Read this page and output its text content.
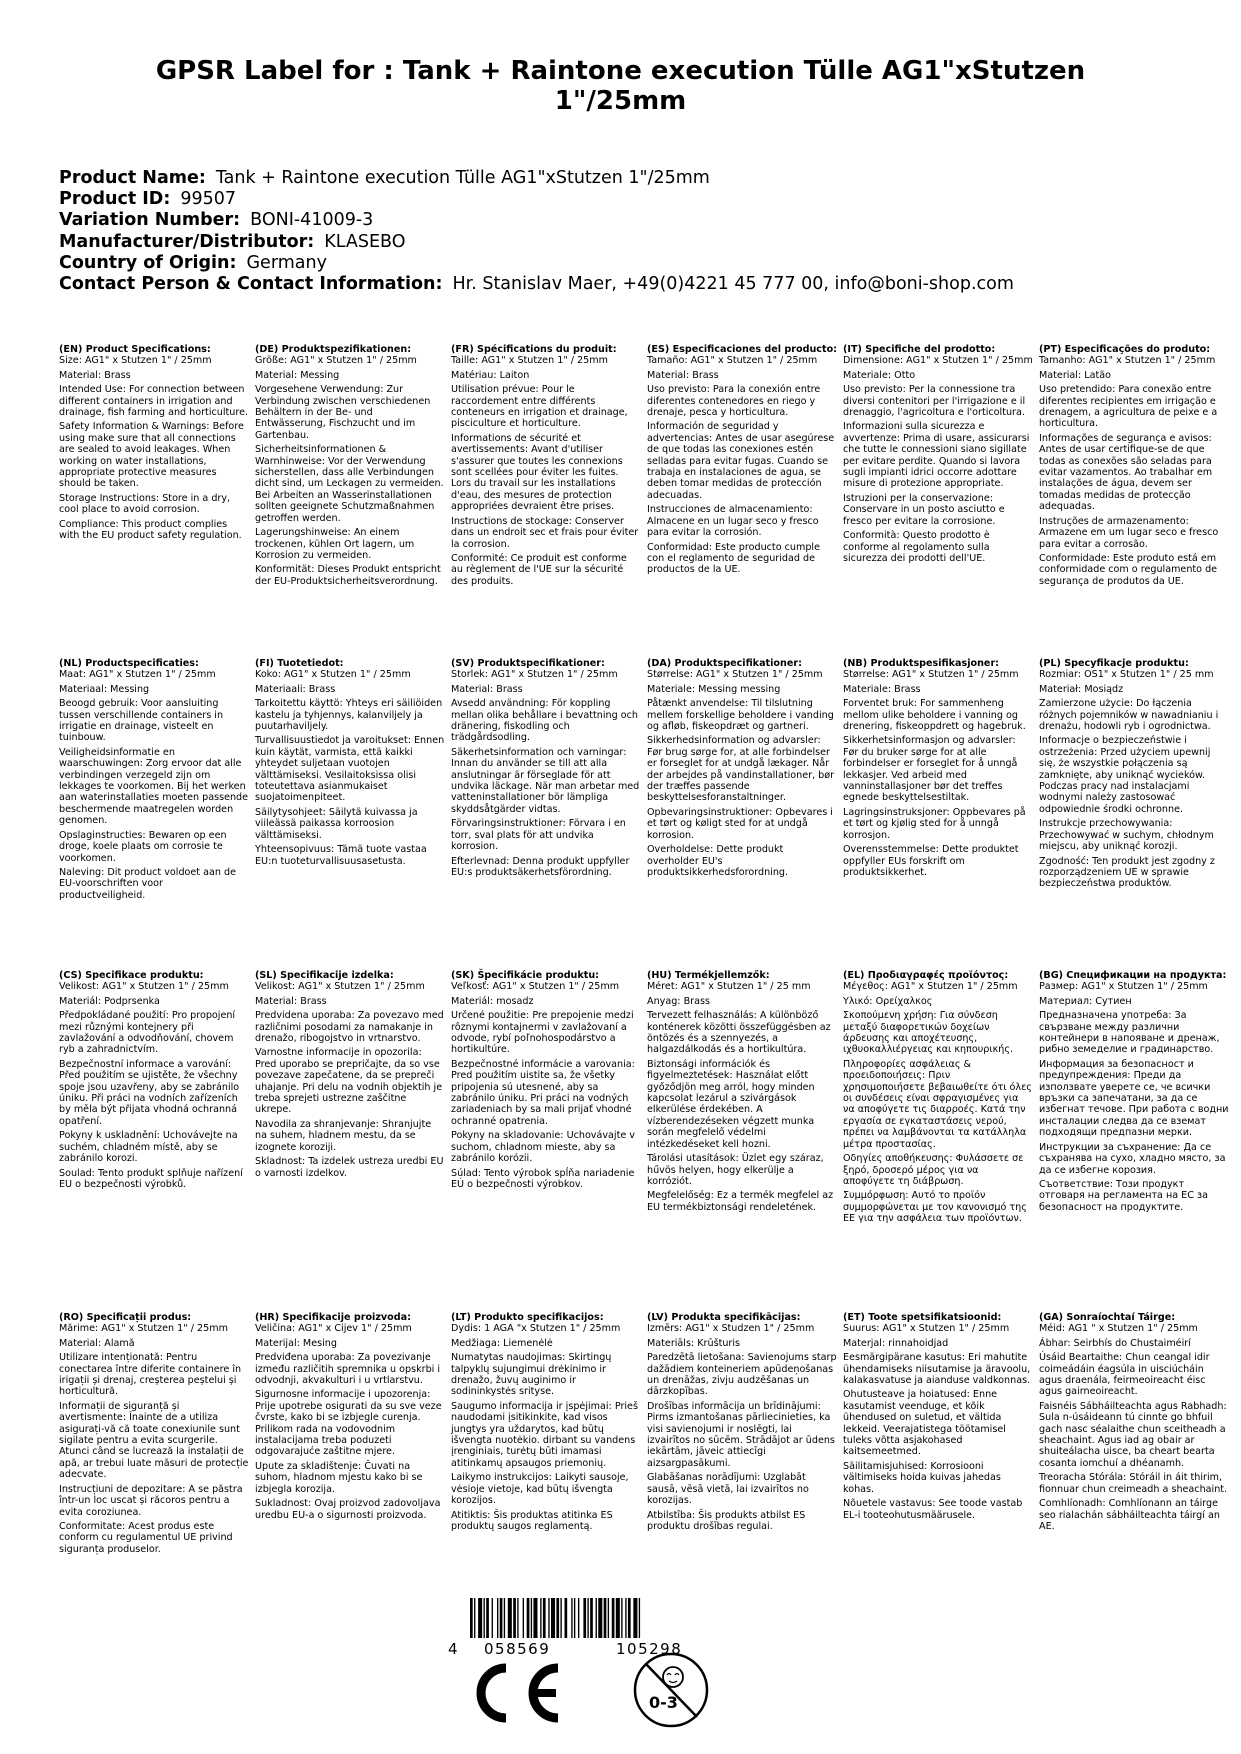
GPSR Label for : Tank + Raintone execution Tülle AG1"xStutzen 1"/25mm
Product Name: Tank + Raintone execution Tülle AG1"xStutzen 1"/25mm
Product ID: 99507
Variation Number: BONI-41009-3
Manufacturer/Distributor: KLASEBO
Country of Origin: Germany
Contact Person & Contact Information: Hr. Stanislav Maer, +49(0)4221 45 777 00, info@boni-shop.com
(EN) Product Specifications:

Size: AG1" x Stutzen 1" / 25mm

Material: Brass

Intended Use: For connection between different containers in irrigation and drainage, fish farming and horticulture.

Safety Information & Warnings: Before using make sure that all connections are sealed to avoid leakages. When working on water installations, appropriate protective measures should be taken.

Storage Instructions: Store in a dry, cool place to avoid corrosion.

Compliance: This product complies with the EU product safety regulation.

(DE) Produktspezifikationen:

Größe: AG1" x Stutzen 1" / 25mm

Material: Messing

Vorgesehene Verwendung: Zur Verbindung zwischen verschiedenen Behältern in der Be- und Entwässerung, Fischzucht und im Gartenbau.

Sicherheitsinformationen & Warnhinweise: Vor der Verwendung sicherstellen, dass alle Verbindungen dicht sind, um Leckagen zu vermeiden. Bei Arbeiten an Wasserinstallationen sollten geeignete Schutzmaßnahmen getroffen werden.

Lagerungshinweise: An einem trockenen, kühlen Ort lagern, um Korrosion zu vermeiden.

Konformität: Dieses Produkt entspricht der EU-Produktsicherheitsverordnung.

(FR) Spécifications du produit:

Taille: AG1" x Stutzen 1" / 25mm

Matériau: Laiton

Utilisation prévue: Pour le raccordement entre différents conteneurs en irrigation et drainage, pisciculture et horticulture.

Informations de sécurité et avertissements: Avant d'utiliser s'assurer que toutes les connexions sont scellées pour éviter les fuites. Lors du travail sur les installations d'eau, des mesures de protection appropriées devraient être prises.

Instructions de stockage: Conserver dans un endroit sec et frais pour éviter la corrosion.

Conformité: Ce produit est conforme au règlement de l'UE sur la sécurité des produits.

(ES) Especificaciones del producto:

Tamaño: AG1" x Stutzen 1" / 25mm

Material: Brass

Uso previsto: Para la conexión entre diferentes contenedores en riego y drenaje, pesca y horticultura.

Información de seguridad y advertencias: Antes de usar asegúrese de que todas las conexiones estén selladas para evitar fugas. Cuando se trabaja en instalaciones de agua, se deben tomar medidas de protección adecuadas.

Instrucciones de almacenamiento: Almacene en un lugar seco y fresco para evitar la corrosión.

Conformidad: Este producto cumple con el reglamento de seguridad de productos de la UE.

(IT) Specifiche del prodotto:

Dimensione: AG1" x Stutzen 1" / 25mm

Materiale: Otto

Uso previsto: Per la connessione tra diversi contenitori per l'irrigazione e il drenaggio, l'agricoltura e l'orticoltura.

Informazioni sulla sicurezza e avvertenze: Prima di usare, assicurarsi che tutte le connessioni siano sigillate per evitare perdite. Quando si lavora sugli impianti idrici occorre adottare misure di protezione appropriate.

Istruzioni per la conservazione: Conservare in un posto asciutto e fresco per evitare la corrosione.

Conformità: Questo prodotto è conforme al regolamento sulla sicurezza dei prodotti dell'UE.

(PT) Especificações do produto:

Tamanho: AG1" x Stutzen 1" / 25mm

Material: Latão

Uso pretendido: Para conexão entre diferentes recipientes em irrigação e drenagem, a agricultura de peixe e a horticultura.

Informações de segurança e avisos: Antes de usar certifique-se de que todas as conexões são seladas para evitar vazamentos. Ao trabalhar em instalações de água, devem ser tomadas medidas de protecção adequadas.

Instruções de armazenamento: Armazene em um lugar seco e fresco para evitar a corrosão.

Conformidade: Este produto está em conformidade com o regulamento de segurança de produtos da UE.

(NL) Productspecificaties:

Maat: AG1" x Stutzen 1" / 25mm

Materiaal: Messing

Beoogd gebruik: Voor aansluiting tussen verschillende containers in irrigatie en drainage, visteelt en tuinbouw.

Veiligheidsinformatie en waarschuwingen: Zorg ervoor dat alle verbindingen verzegeld zijn om lekkages te voorkomen. Bij het werken aan waterinstallaties moeten passende beschermende maatregelen worden genomen.

Opslaginstructies: Bewaren op een droge, koele plaats om corrosie te voorkomen.

Naleving: Dit product voldoet aan de EU-voorschriften voor productveiligheid.

(FI) Tuotetiedot:

Koko: AG1" x Stutzen 1" / 25mm

Materiaali: Brass

Tarkoitettu käyttö: Yhteys eri säiliöiden kastelu ja tyhjennys, kalanviljely ja puutarhaviljely.

Turvallisuustiedot ja varoitukset: Ennen kuin käytät, varmista, että kaikki yhteydet suljetaan vuotojen välttämiseksi. Vesilaitoksissa olisi toteutettava asianmukaiset suojatoimenpiteet.

Säilytysohjeet: Säilytä kuivassa ja viileässä paikassa korroosion välttämiseksi.

Yhteensopivuus: Tämä tuote vastaa EU:n tuoteturvallisuusasetusta.

(SV) Produktspecifikationer:

Storlek: AG1" x Stutzen 1" / 25mm

Material: Brass

Avsedd användning: För koppling mellan olika behållare i bevattning och dränering, fiskodling och trädgårdsodling.

Säkerhetsinformation och varningar: Innan du använder se till att alla anslutningar är förseglade för att undvika läckage. När man arbetar med vatteninstallationer bör lämpliga skyddsåtgärder vidtas.

Förvaringsinstruktioner: Förvara i en torr, sval plats för att undvika korrosion.

Efterlevnad: Denna produkt uppfyller EU:s produktsäkerhetsförordning.

(DA) Produktspecifikationer:

Størrelse: AG1" x Stutzen 1" / 25mm

Materiale: Messing messing

Påtænkt anvendelse: Til tilslutning mellem forskellige beholdere i vanding og afløb, fiskeopdræt og gartneri.

Sikkerhedsinformation og advarsler: Før brug sørge for, at alle forbindelser er forseglet for at undgå lækager. Når der arbejdes på vandinstallationer, bør der træffes passende beskyttelsesforanstaltninger.

Opbevaringsinstruktioner: Opbevares i et tørt og køligt sted for at undgå korrosion.

Overholdelse: Dette produkt overholder EU's produktsikkerhedsforordning.

(NB) Produktspesifikasjoner:

Størrelse: AG1" x Stutzen 1" / 25mm

Materiale: Brass

Forventet bruk: For sammenheng mellom ulike beholdere i vanning og drenering, fiskeoppdrett og hagebruk.

Sikkerhetsinformasjon og advarsler: Før du bruker sørge for at alle forbindelser er forseglet for å unngå lekkasjer. Ved arbeid med vanninstallasjoner bør det treffes egnede beskyttelsestiltak.

Lagringsinstruksjoner: Oppbevares på et tørt og kjølig sted for å unngå korrosjon.

Overensstemmelse: Dette produktet oppfyller EUs forskrift om produktsikkerhet.

(PL) Specyfikacje produktu:

Rozmiar: OS1" x Stutzen 1" / 25 mm

Materiał: Mosiądz

Zamierzone użycie: Do łączenia różnych pojemników w nawadnianiu i drenażu, hodowli ryb i ogrodnictwa.

Informacje o bezpieczeństwie i ostrzeżenia: Przed użyciem upewnij się, że wszystkie połączenia są zamknięte, aby uniknąć wycieków. Podczas pracy nad instalacjami wodnymi należy zastosować odpowiednie środki ochronne.

Instrukcje przechowywania: Przechowywać w suchym, chłodnym miejscu, aby uniknąć korozji.

Zgodność: Ten produkt jest zgodny z rozporządzeniem UE w sprawie bezpieczeństwa produktów.

(CS) Specifikace produktu:

Velikost: AG1" x Stutzen 1" / 25mm

Materiál: Podprsenka

Předpokládané použití: Pro propojení mezi různými kontejnery při zavlažování a odvodňování, chovem ryb a zahradnictvím.

Bezpečnostní informace a varování: Před použitím se ujistěte, že všechny spoje jsou uzavřeny, aby se zabránilo úniku. Při práci na vodních zařízeních by měla být přijata vhodná ochranná opatření.

Pokyny k uskladnění: Uchovávejte na suchém, chladném místě, aby se zabránilo korozi.

Soulad: Tento produkt splňuje nařízení EU o bezpečnosti výrobků.

(SL) Specifikacije izdelka:

Velikost: AG1" x Stutzen 1" / 25mm

Material: Brass

Predvidena uporaba: Za povezavo med različnimi posodami za namakanje in drenažo, ribogojstvo in vrtnarstvo.

Varnostne informacije in opozorila: Pred uporabo se prepričajte, da so vse povezave zapečatene, da se prepreči uhajanje. Pri delu na vodnih objektih je treba sprejeti ustrezne zaščitne ukrepe.

Navodila za shranjevanje: Shranjujte na suhem, hladnem mestu, da se izognete koroziji.

Skladnost: Ta izdelek ustreza uredbi EU o varnosti izdelkov.

(SK) Špecifikácie produktu:

Veľkosť: AG1" x Stutzen 1" / 25mm

Materiál: mosadz

Určené použitie: Pre prepojenie medzi rôznymi kontajnermi v zavlažovaní a odvode, rybí poľnohospodárstvo a hortikultúre.

Bezpečnostné informácie a varovania: Pred použitím uistite sa, že všetky pripojenia sú utesnené, aby sa zabránilo úniku. Pri práci na vodných zariadeniach by sa mali prijať vhodné ochranné opatrenia.

Pokyny na skladovanie: Uchovávajte v suchom, chladnom mieste, aby sa zabránilo korózii.

Súlad: Tento výrobok spĺňa nariadenie EÚ o bezpečnosti výrobkov.

(HU) Termékjellemzők:

Méret: AG1" x Stutzen 1" / 25 mm

Anyag: Brass

Tervezett felhasználás: A különböző konténerek közötti összefüggésben az öntözés és a szennyezés, a halgazdálkodás és a hortikultúra.

Biztonsági információk és figyelmeztetések: Használat előtt győződjön meg arról, hogy minden kapcsolat lezárul a szivárgások elkerülése érdekében. A vízberendezéseken végzett munka során megfelelő védelmi intézkedéseket kell hozni.

Tárolási utasítások: Üzlet egy száraz, hűvös helyen, hogy elkerülje a korróziót.

Megfelelőség: Ez a termék megfelel az EU termékbiztonsági rendeletének.

(EL) Προδιαγραφές προϊόντος:

Μέγεθος: AG1" x Stutzen 1" / 25mm

Υλικό: Ορείχαλκος

Σκοπούμενη χρήση: Για σύνδεση μεταξύ διαφορετικών δοχείων άρδευσης και αποχέτευσης, ιχθυοκαλλιέργειας και κηπουρικής.

Πληροφορίες ασφάλειας & προειδοποιήσεις: Πριν χρησιμοποιήσετε βεβαιωθείτε ότι όλες οι συνδέσεις είναι σφραγισμένες για να αποφύγετε τις διαρροές. Κατά την εργασία σε εγκαταστάσεις νερού, πρέπει να λαμβάνονται τα κατάλληλα μέτρα προστασίας.

Οδηγίες αποθήκευσης: Φυλάσσετε σε ξηρό, δροσερό μέρος για να αποφύγετε τη διάβρωση.

Συμμόρφωση: Αυτό το προϊόν συμμορφώνεται με τον κανονισμό της ΕΕ για την ασφάλεια των προϊόντων.

(BG) Спецификации на продукта:

Размер: AG1" x Stutzen 1" / 25mm

Материал: Сутиен

Предназначена употреба: За свързване между различни контейнери в напояване и дренаж, рибно земеделие и градинарство.

Информация за безопасност и предупреждения: Преди да използвате уверете се, че всички връзки са запечатани, за да се избегнат течове. При работа с водни инсталации следва да се вземат подходящи предпазни мерки.

Инструкции за съхранение: Да се съхранява на сухо, хладно място, за да се избегне корозия.

Съответствие: Този продукт отговаря на регламента на ЕС за безопасност на продуктите.

(RO) Specificații produs:

Mărime: AG1" x Stutzen 1" / 25mm

Material: Alamă

Utilizare intenționată: Pentru conectarea între diferite containere în irigații și drenaj, creșterea peștelui și horticultură.

Informații de siguranță și avertismente: Înainte de a utiliza asigurați-vă că toate conexiunile sunt sigilate pentru a evita scurgerile. Atunci când se lucrează la instalații de apă, ar trebui luate măsuri de protecție adecvate.

Instrucțiuni de depozitare: A se păstra într-un loc uscat și răcoros pentru a evita coroziunea.

Conformitate: Acest produs este conform cu regulamentul UE privind siguranța produselor.

(HR) Specifikacije proizvoda:

Veličina: AG1" x Cijev 1" / 25mm

Materijal: Mesing

Predviđena uporaba: Za povezivanje između različitih spremnika u opskrbi i odvodnji, akvakulturi i u vrtlarstvu.

Sigurnosne informacije i upozorenja: Prije upotrebe osigurati da su sve veze čvrste, kako bi se izbjegle curenja. Prilikom rada na vodovodnim instalacijama treba poduzeti odgovarajuće zaštitne mjere.

Upute za skladištenje: Čuvati na suhom, hladnom mjestu kako bi se izbjegla korozija.

Sukladnost: Ovaj proizvod zadovoljava uredbu EU-a o sigurnosti proizvoda.

(LT) Produkto specifikacijos:

Dydis: 1 AGA "x Stutzen 1" / 25mm

Medžiaga: Liemenėlė

Numatytas naudojimas: Skirtingų talpyklų sujungimui drėkinimo ir drenažo, žuvų auginimo ir sodininkystės srityse.

Saugumo informacija ir įspėjimai: Prieš naudodami įsitikinkite, kad visos jungtys yra uždarytos, kad būtų išvengta nuotėkio. dirbant su vandens įrenginiais, turėtų būti imamasi atitinkamų apsaugos priemonių.

Laikymo instrukcijos: Laikyti sausoje, vėsioje vietoje, kad būtų išvengta korozijos.

Atitiktis: Šis produktas atitinka ES produktų saugos reglamentą.

(LV) Produkta specifikācijas:

Izmērs: AG1" x Studzen 1" / 25mm

Materiāls: Krūšturis

Paredzētā lietošana: Savienojums starp dažādiem konteineriem apūdeņošanas un drenāžas, zivju audzēšanas un dārzkopības.

Drošības informācija un brīdinājumi: Pirms izmantošanas pārliecinieties, ka visi savienojumi ir noslēgti, lai izvairītos no sūcēm. Strādājot ar ūdens iekārtām, jāveic attiecīgi aizsargpasākumi.

Glabāšanas norādījumi: Uzglabāt sausā, vēsā vietā, lai izvairītos no korozijas.

Atbilstība: Šis produkts atbilst ES produktu drošības regulai.

(ET) Toote spetsifikatsioonid:

Suurus: AG1" x Stutzen 1" / 25mm

Materjal: rinnahoidjad

Eesmärgipärane kasutus: Eri mahutite ühendamiseks niisutamise ja äravoolu, kalakasvatuse ja aianduse valdkonnas.

Ohutusteave ja hoiatused: Enne kasutamist veenduge, et kõik ühendused on suletud, et vältida lekkeid. Veerajatistega töötamisel tuleks võtta asjakohased kaitsemeetmed.

Säilitamisjuhised: Korrosiooni vältimiseks hoida kuivas jahedas kohas.

Nõuetele vastavus: See toode vastab EL-i tooteohutusmäärusele.

(GA) Sonraíochtaí Táirge:

Méid: AG1 " x Stutzen 1" / 25mm

Ábhar: Seirbhís do Chustaiméirí

Úsáid Beartaithe: Chun ceangal idir coimeádáin éagsúla in uisciúcháin agus draenála, feirmeoireacht éisc agus gairneoireacht.

Faisnéis Sábháilteachta agus Rabhadh: Sula n-úsáideann tú cinnte go bhfuil gach nasc séalaithe chun sceitheadh a sheachaint. Agus iad ag obair ar shuiteálacha uisce, ba cheart bearta cosanta iomchuí a dhéanamh.

Treoracha Stórála: Stóráil in áit thirim, fionnuar chun creimeadh a sheachaint.

Comhlíonadh: Comhlíonann an táirge seo rialachán sábháilteachta táirgí an AE.

4 058569	105298
0-3
